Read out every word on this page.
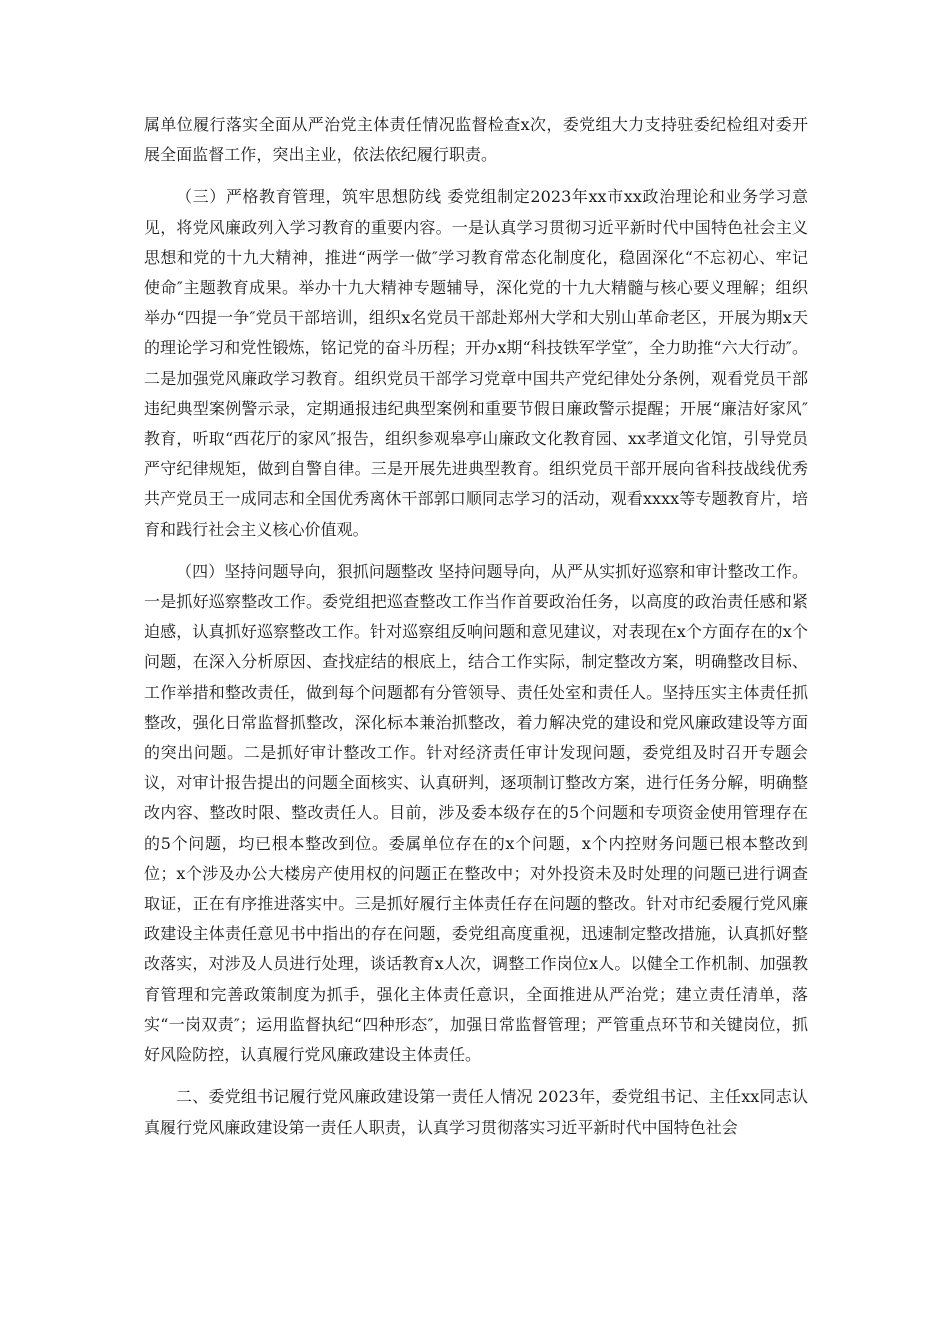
属单位履行落实全面从严治党主体责任情况监督检查x次，委党组大力支持驻委纪检组对委开展全面监督工作，突出主业，依法依纪履行职责。

（三）严格教育管理，筑牢思想防线 委党组制定2023年xx市xx政治理论和业务学习意见，将党风廉政列入学习教育的重要内容。一是认真学习贯彻习近平新时代中国特色社会主义思想和党的十九大精神，推进“两学一做″学习教育常态化制度化，稳固深化“不忘初心、牢记使命″主题教育成果。举办十九大精神专题辅导，深化党的十九大精髓与核心要义理解；组织举办“四提一争″党员干部培训，组织x名党员干部赴郑州大学和大别山革命老区，开展为期x天的理论学习和党性锻炼，铭记党的奋斗历程；开办x期“科技铁军学堂″，全力助推“六大行动″。二是加强党风廉政学习教育。组织党员干部学习党章中国共产党纪律处分条例，观看党员干部违纪典型案例警示录，定期通报违纪典型案例和重要节假日廉政警示提醒；开展“廉洁好家风″教育，听取“西花厅的家风″报告，组织参观皋亭山廉政文化教育园、xx孝道文化馆，引导党员严守纪律规矩，做到自警自律。三是开展先进典型教育。组织党员干部开展向省科技战线优秀共产党员王一成同志和全国优秀离休干部郭口顺同志学习的活动，观看xxxx等专题教育片，培育和践行社会主义核心价值观。

（四）坚持问题导向，狠抓问题整改 坚持问题导向，从严从实抓好巡察和审计整改工作。一是抓好巡察整改工作。委党组把巡查整改工作当作首要政治任务，以高度的政治责任感和紧迫感，认真抓好巡察整改工作。针对巡察组反响问题和意见建议，对表现在x个方面存在的x个问题，在深入分析原因、查找症结的根底上，结合工作实际，制定整改方案，明确整改目标、工作举措和整改责任，做到每个问题都有分管领导、责任处室和责任人。坚持压实主体责任抓整改，强化日常监督抓整改，深化标本兼治抓整改，着力解决党的建设和党风廉政建设等方面的突出问题。二是抓好审计整改工作。针对经济责任审计发现问题，委党组及时召开专题会议，对审计报告提出的问题全面核实、认真研判，逐项制订整改方案，进行任务分解，明确整改内容、整改时限、整改责任人。目前，涉及委本级存在的5个问题和专项资金使用管理存在的5个问题，均已根本整改到位。委属单位存在的x个问题，x个内控财务问题已根本整改到位；x个涉及办公大楼房产使用权的问题正在整改中；对外投资未及时处理的问题已进行调查取证，正在有序推进落实中。三是抓好履行主体责任存在问题的整改。针对市纪委履行党风廉政建设主体责任意见书中指出的存在问题，委党组高度重视，迅速制定整改措施，认真抓好整改落实，对涉及人员进行处理，谈话教育x人次，调整工作岗位x人。以健全工作机制、加强教育管理和完善政策制度为抓手，强化主体责任意识，全面推进从严治党；建立责任清单，落实“一岗双责″；运用监督执纪“四种形态″，加强日常监督管理；严管重点环节和关键岗位，抓好风险防控，认真履行党风廉政建设主体责任。

二、委党组书记履行党风廉政建设第一责任人情况 2023年，委党组书记、主任xx同志认真履行党风廉政建设第一责任人职责，认真学习贯彻落实习近平新时代中国特色社会
